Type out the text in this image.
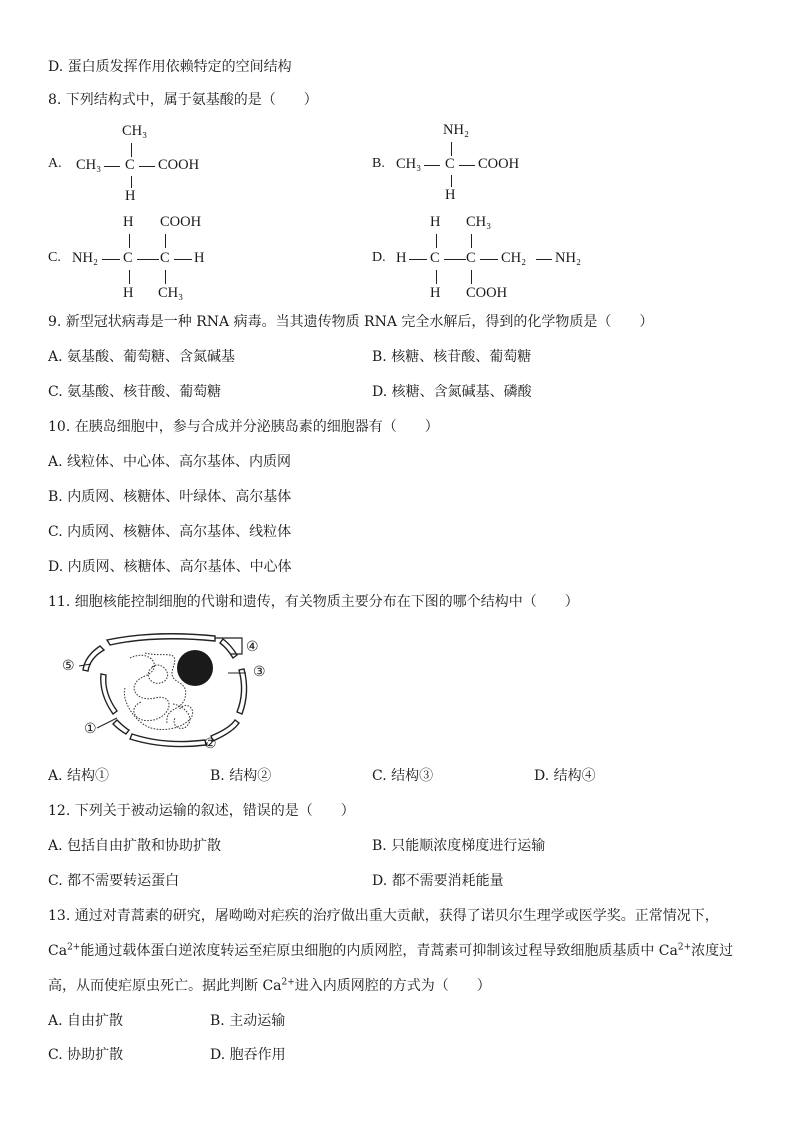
D. 蛋白质发挥作用依赖特定的空间结构
8. 下列结构式中，属于氨基酸的是（　　）
A.
CH₃
CH₃ C COOH
H
B.
NH₂
CH₃ C COOH
H
C.
H COOH
NH₂ C C H
H CH₃
D.
H CH₃
H C C CH₂ NH₂
H COOH
9. 新型冠状病毒是一种 RNA 病毒。当其遗传物质 RNA 完全水解后，得到的化学物质是（　　）
A. 氨基酸、葡萄糖、含氮碱基	B. 核糖、核苷酸、葡萄糖
C. 氨基酸、核苷酸、葡萄糖	D. 核糖、含氮碱基、磷酸
10. 在胰岛细胞中，参与合成并分泌胰岛素的细胞器有（　　）
A. 线粒体、中心体、高尔基体、内质网
B. 内质网、核糖体、叶绿体、高尔基体
C. 内质网、核糖体、高尔基体、线粒体
D. 内质网、核糖体、高尔基体、中心体
11. 细胞核能控制细胞的代谢和遗传，有关物质主要分布在下图的哪个结构中（　　）
①
②
③
④
⑤
A. 结构①	B. 结构②	C. 结构③	D. 结构④
12. 下列关于被动运输的叙述，错误的是（　　）
A. 包括自由扩散和协助扩散	B. 只能顺浓度梯度进行运输
C. 都不需要转运蛋白	D. 都不需要消耗能量
13. 通过对青蒿素的研究，屠呦呦对疟疾的治疗做出重大贡献，获得了诺贝尔生理学或医学奖。正常情况下，
$Ca^{2+}$能通过载体蛋白逆浓度转运至疟原虫细胞的内质网腔，青蒿素可抑制该过程导致细胞质基质中 $Ca^{2+}$浓度过
高，从而使疟原虫死亡。据此判断 $Ca^{2+}$进入内质网腔的方式为（　　）
A. 自由扩散	B. 主动运输
C. 协助扩散	D. 胞吞作用
